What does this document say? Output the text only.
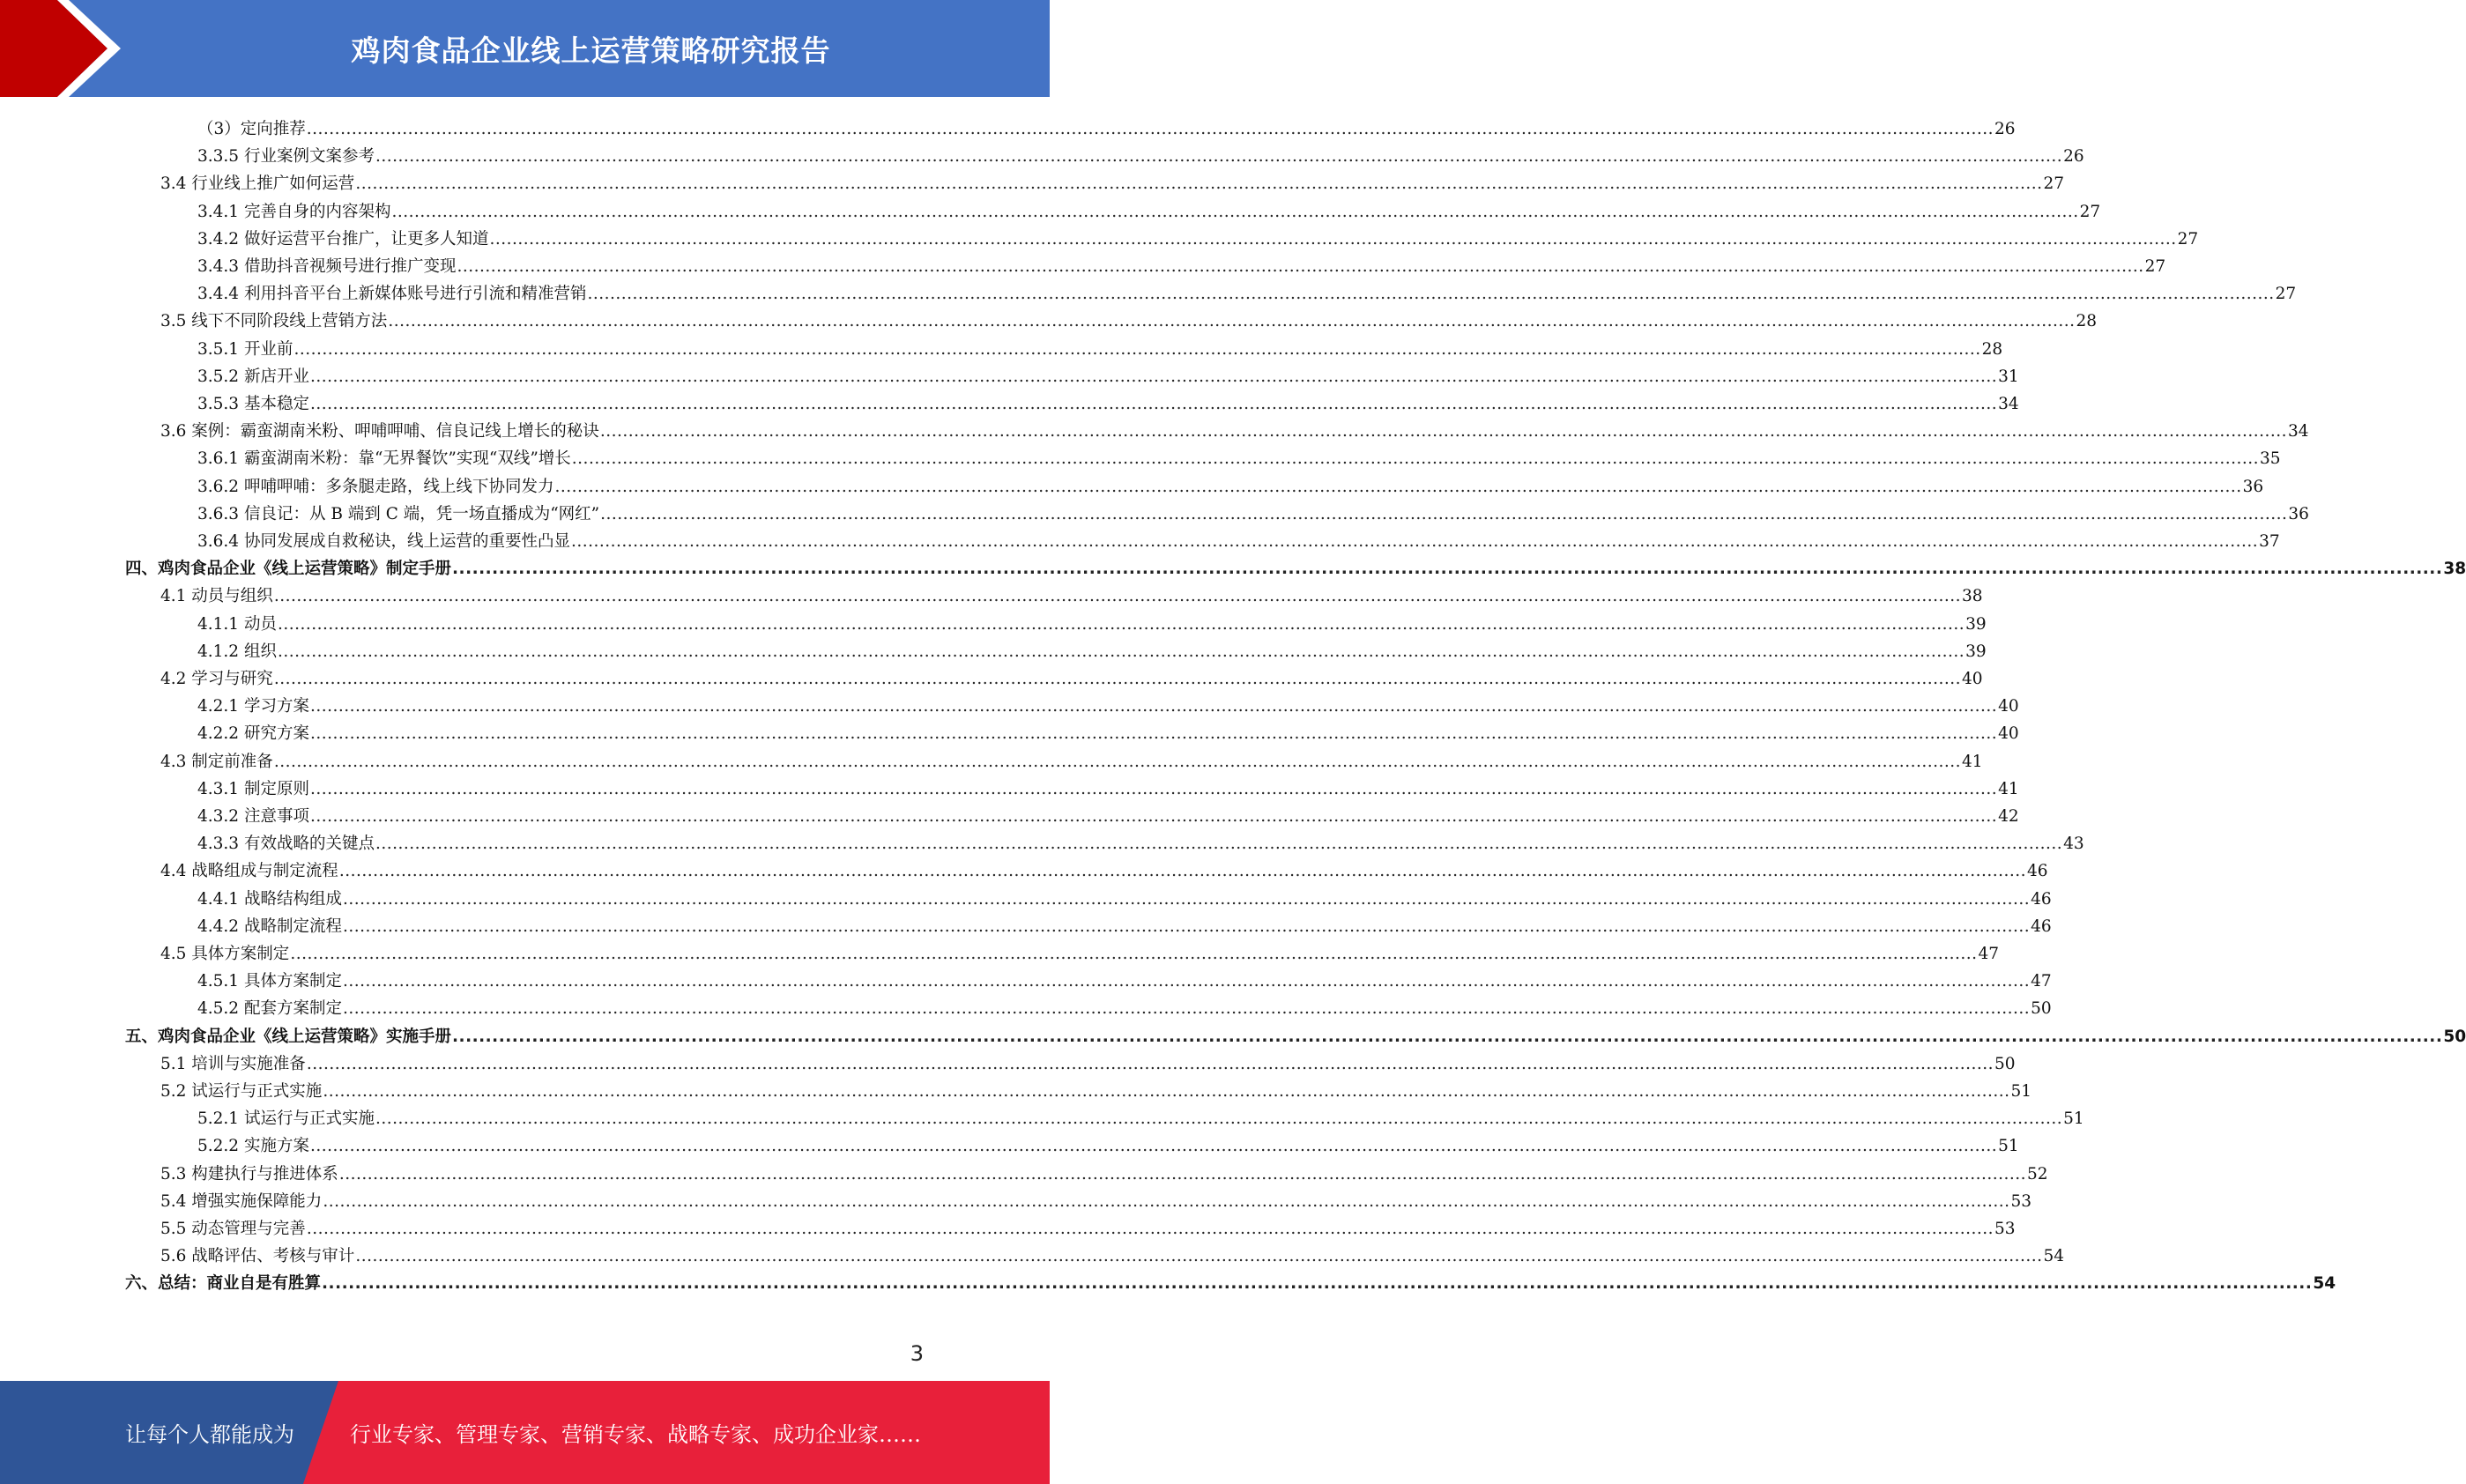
鸡肉食品企业线上运营策略研究报告
（3）定向推荐 ............................................................................................................................................................................................................................................................................................................ 26
3.3.5 行业案例文案参考 ............................................................................................................................................................................................................................................................................................................ 26
3.4 行业线上推广如何运营 ............................................................................................................................................................................................................................................................................................................ 27
3.4.1 完善自身的内容架构 ............................................................................................................................................................................................................................................................................................................ 27
3.4.2 做好运营平台推广，让更多人知道 ............................................................................................................................................................................................................................................................................................................ 27
3.4.3 借助抖音视频号进行推广变现 ............................................................................................................................................................................................................................................................................................................ 27
3.4.4 利用抖音平台上新媒体账号进行引流和精准营销 ............................................................................................................................................................................................................................................................................................................ 27
3.5 线下不同阶段线上营销方法 ............................................................................................................................................................................................................................................................................................................ 28
3.5.1 开业前 ............................................................................................................................................................................................................................................................................................................ 28
3.5.2 新店开业 ............................................................................................................................................................................................................................................................................................................ 31
3.5.3 基本稳定 ............................................................................................................................................................................................................................................................................................................ 34
3.6 案例：霸蛮湖南米粉、呷哺呷哺、信良记线上增长的秘诀 ............................................................................................................................................................................................................................................................................................................ 34
3.6.1 霸蛮湖南米粉：靠“无界餐饮”实现“双线”增长 ............................................................................................................................................................................................................................................................................................................ 35
3.6.2 呷哺呷哺：多条腿走路，线上线下协同发力 ............................................................................................................................................................................................................................................................................................................ 36
3.6.3 信良记：从 B 端到 C 端，凭一场直播成为“网红” ............................................................................................................................................................................................................................................................................................................ 36
3.6.4 协同发展成自救秘诀，线上运营的重要性凸显 ............................................................................................................................................................................................................................................................................................................ 37
四、鸡肉食品企业《线上运营策略》制定手册 ............................................................................................................................................................................................................................................................................................................ 38
4.1 动员与组织 ............................................................................................................................................................................................................................................................................................................ 38
4.1.1 动员 ............................................................................................................................................................................................................................................................................................................ 39
4.1.2 组织 ............................................................................................................................................................................................................................................................................................................ 39
4.2 学习与研究 ............................................................................................................................................................................................................................................................................................................ 40
4.2.1 学习方案 ............................................................................................................................................................................................................................................................................................................ 40
4.2.2 研究方案 ............................................................................................................................................................................................................................................................................................................ 40
4.3 制定前准备 ............................................................................................................................................................................................................................................................................................................ 41
4.3.1 制定原则 ............................................................................................................................................................................................................................................................................................................ 41
4.3.2 注意事项 ............................................................................................................................................................................................................................................................................................................ 42
4.3.3 有效战略的关键点 ............................................................................................................................................................................................................................................................................................................ 43
4.4 战略组成与制定流程 ............................................................................................................................................................................................................................................................................................................ 46
4.4.1 战略结构组成 ............................................................................................................................................................................................................................................................................................................ 46
4.4.2 战略制定流程 ............................................................................................................................................................................................................................................................................................................ 46
4.5 具体方案制定 ............................................................................................................................................................................................................................................................................................................ 47
4.5.1 具体方案制定 ............................................................................................................................................................................................................................................................................................................ 47
4.5.2 配套方案制定 ............................................................................................................................................................................................................................................................................................................ 50
五、鸡肉食品企业《线上运营策略》实施手册 ............................................................................................................................................................................................................................................................................................................ 50
5.1 培训与实施准备 ............................................................................................................................................................................................................................................................................................................ 50
5.2 试运行与正式实施 ............................................................................................................................................................................................................................................................................................................ 51
5.2.1 试运行与正式实施 ............................................................................................................................................................................................................................................................................................................ 51
5.2.2 实施方案 ............................................................................................................................................................................................................................................................................................................ 51
5.3 构建执行与推进体系 ............................................................................................................................................................................................................................................................................................................ 52
5.4 增强实施保障能力 ............................................................................................................................................................................................................................................................................................................ 53
5.5 动态管理与完善 ............................................................................................................................................................................................................................................................................................................ 53
5.6 战略评估、考核与审计 ............................................................................................................................................................................................................................................................................................................ 54
六、总结：商业自是有胜算 ............................................................................................................................................................................................................................................................................................................ 54
3
让每个人都能成为	行业专家、管理专家、营销专家、战略专家、成功企业家……
